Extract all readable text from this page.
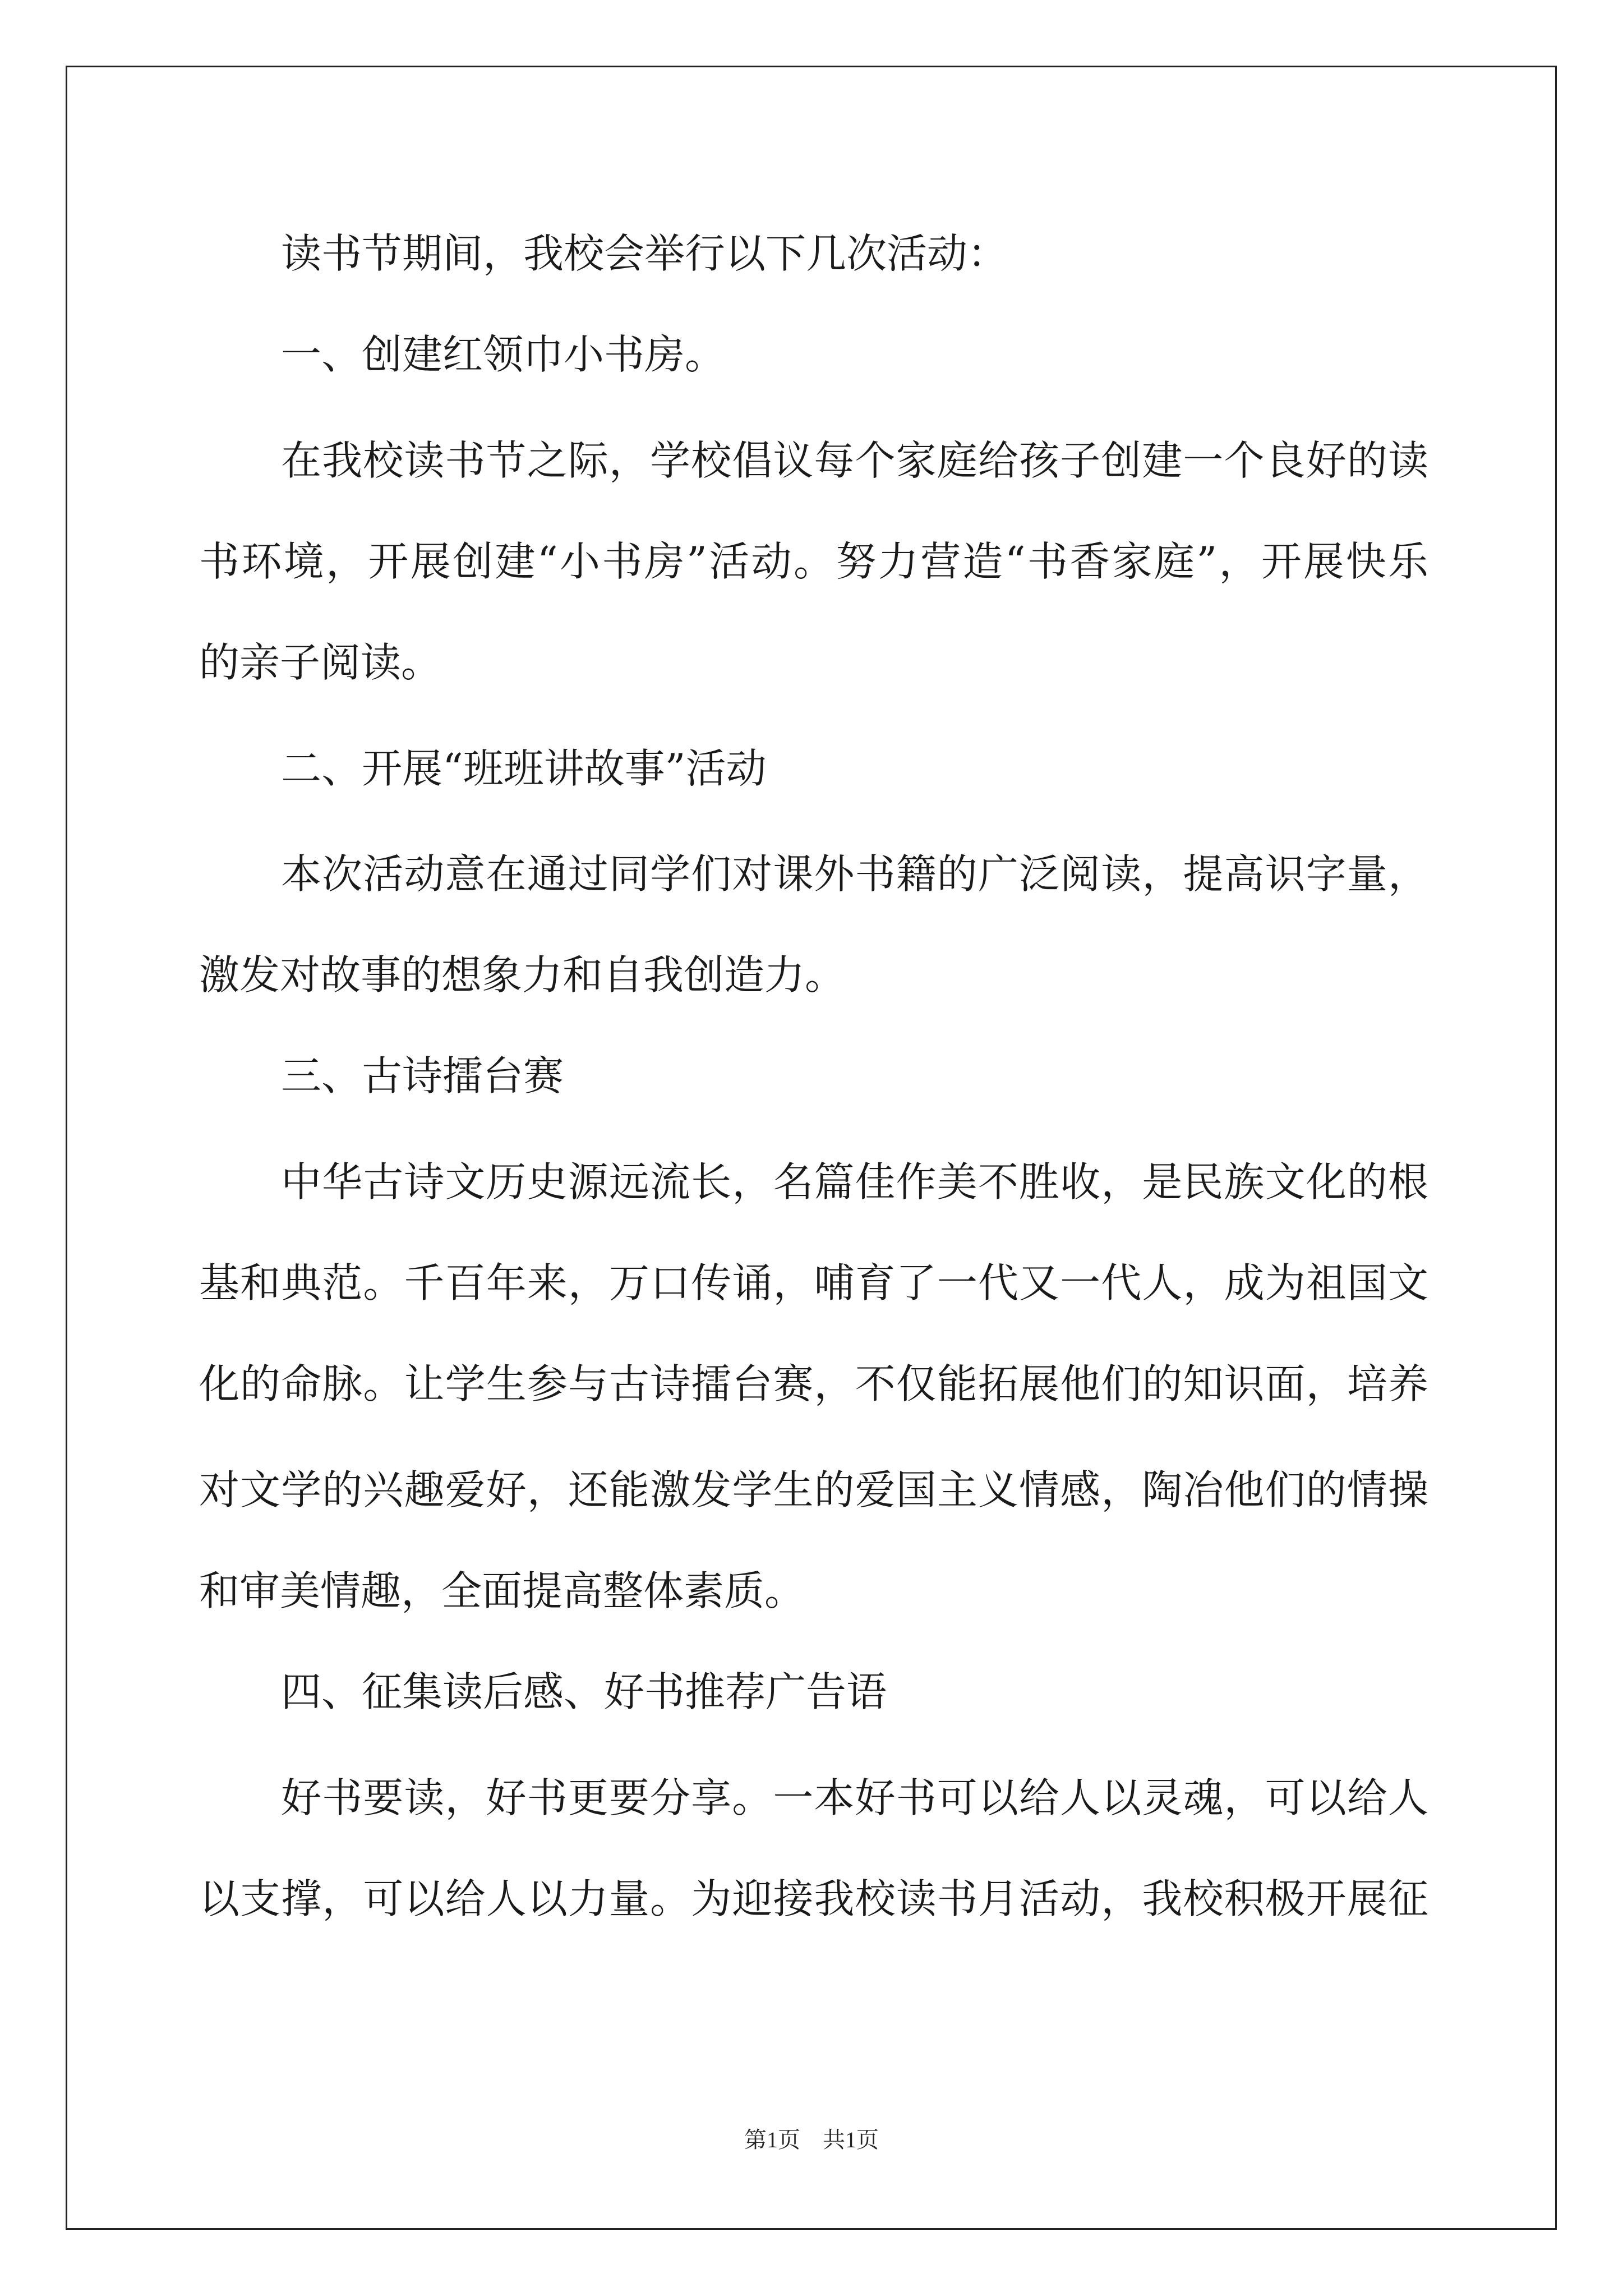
读书节期间，我校会举行以下几次活动：
一、创建红领巾小书房。
在我校读书节之际，学校倡议每个家庭给孩子创建一个良好的读
书环境，开展创建“小书房”活动。努力营造“书香家庭”，开展快乐
的亲子阅读。
二、开展“班班讲故事”活动
本次活动意在通过同学们对课外书籍的广泛阅读，提高识字量，
激发对故事的想象力和自我创造力。
三、古诗擂台赛
中华古诗文历史源远流长，名篇佳作美不胜收，是民族文化的根
基和典范。千百年来，万口传诵，哺育了一代又一代人，成为祖国文
化的命脉。让学生参与古诗擂台赛，不仅能拓展他们的知识面，培养
对文学的兴趣爱好，还能激发学生的爱国主义情感，陶冶他们的情操
和审美情趣，全面提高整体素质。
四、征集读后感、好书推荐广告语
好书要读，好书更要分享。一本好书可以给人以灵魂，可以给人
以支撑，可以给人以力量。为迎接我校读书月活动，我校积极开展征
第1页　共1页
